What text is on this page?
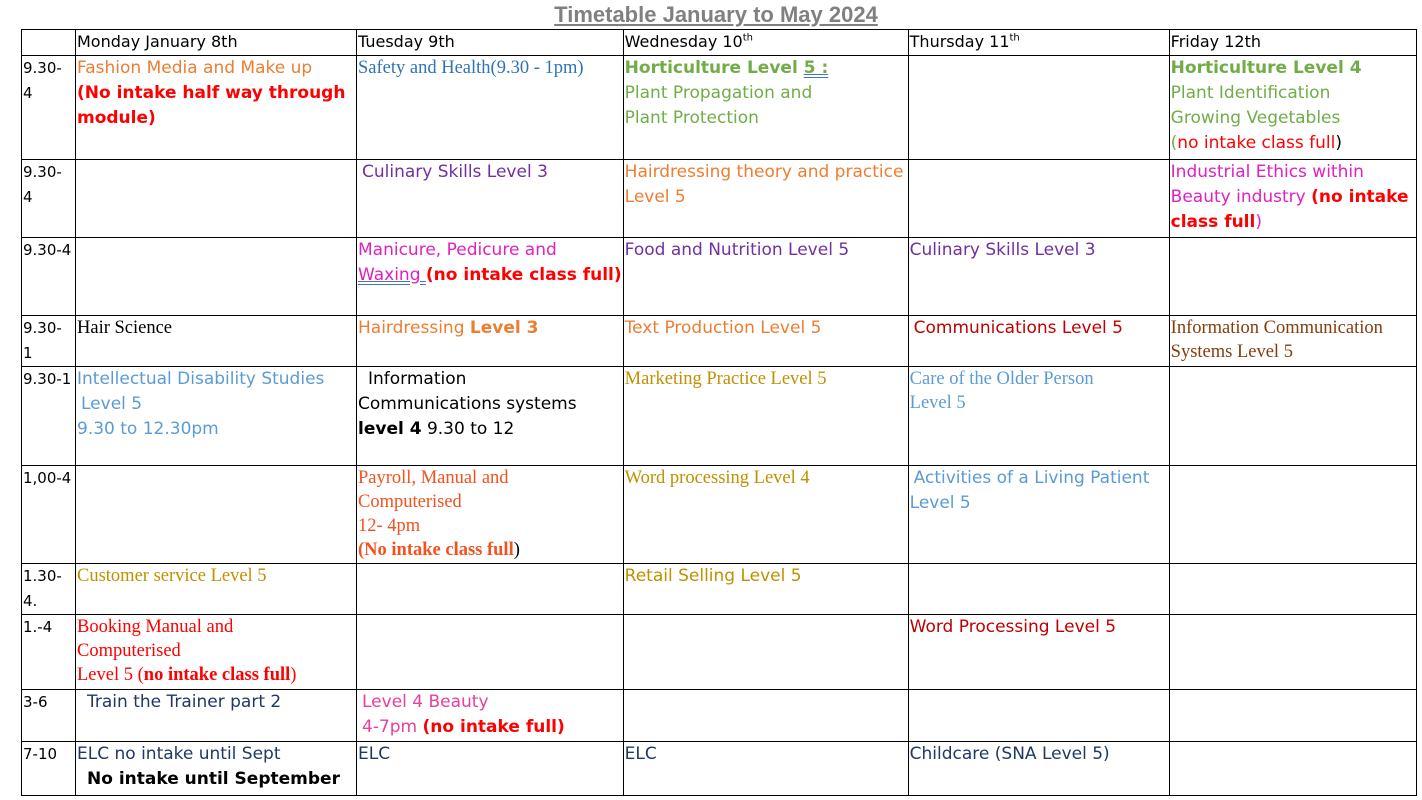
Timetable January to May 2024
	Monday January 8th	Tuesday 9th	Wednesday 10th	Thursday 11th	Friday 12th

9.30-
4	Fashion Media and Make up
(No intake half way through
module)	Safety and Health(9.30 - 1pm)	Horticulture Level 5 :
Plant Propagation and
Plant Protection		Horticulture Level 4
Plant Identification
Growing Vegetables
(no intake class full)

9.30-
4		Culinary Skills Level 3	Hairdressing theory and practice
Level 5		Industrial Ethics within
Beauty industry (no intake
class full)

9.30-4		Manicure, Pedicure and
Waxing (no intake class full)	Food and Nutrition Level 5	Culinary Skills Level 3	

9.30-
1	Hair Science	Hairdressing Level 3	Text Production Level 5	Communications Level 5	Information Communication
Systems Level 5

9.30-1	Intellectual Disability Studies
Level 5
9.30 to 12.30pm	Information
Communications systems
level 4 9.30 to 12	Marketing Practice Level 5	Care of the Older Person
Level 5	

1,00-4		Payroll, Manual and
Computerised
12- 4pm
(No intake class full)	Word processing Level 4	Activities of a Living Patient
Level 5	

1.30-
4.	Customer service Level 5		Retail Selling Level 5		

1.-4	Booking Manual and
Computerised
Level 5 (no intake class full)			Word Processing Level 5	

3-6	Train the Trainer part 2	Level 4 Beauty
4-7pm (no intake full)			

7-10	ELC no intake until Sept
No intake until September	ELC	ELC	Childcare (SNA Level 5)	
